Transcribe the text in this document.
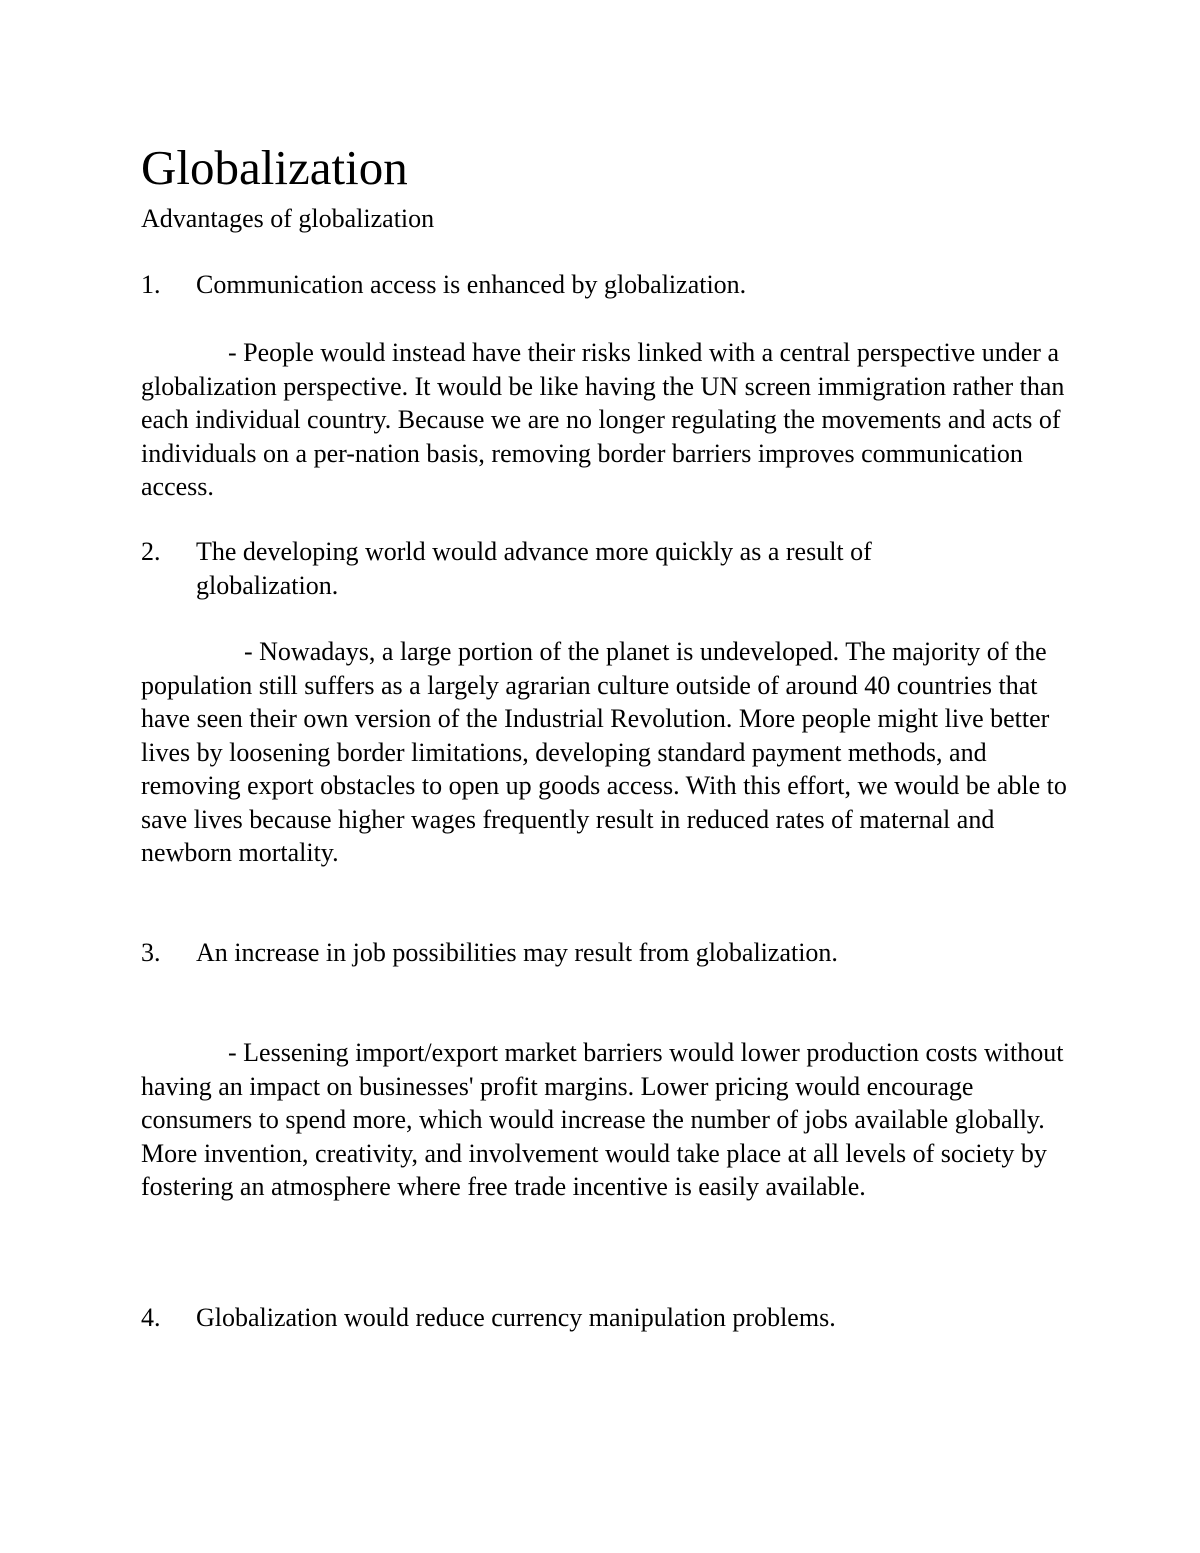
Globalization
Advantages of globalization
1. Communication access is enhanced by globalization.
- People would instead have their risks linked with a central perspective under a globalization perspective. It would be like having the UN screen immigration rather than each individual country. Because we are no longer regulating the movements and acts of individuals on a per-nation basis, removing border barriers improves communication access.
2. The developing world would advance more quickly as a result of globalization.
- Nowadays, a large portion of the planet is undeveloped. The majority of the population still suffers as a largely agrarian culture outside of around 40 countries that have seen their own version of the Industrial Revolution. More people might live better lives by loosening border limitations, developing standard payment methods, and removing export obstacles to open up goods access. With this effort, we would be able to save lives because higher wages frequently result in reduced rates of maternal and newborn mortality.
3. An increase in job possibilities may result from globalization.
- Lessening import/export market barriers would lower production costs without having an impact on businesses' profit margins. Lower pricing would encourage consumers to spend more, which would increase the number of jobs available globally. More invention, creativity, and involvement would take place at all levels of society by fostering an atmosphere where free trade incentive is easily available.
4. Globalization would reduce currency manipulation problems.
